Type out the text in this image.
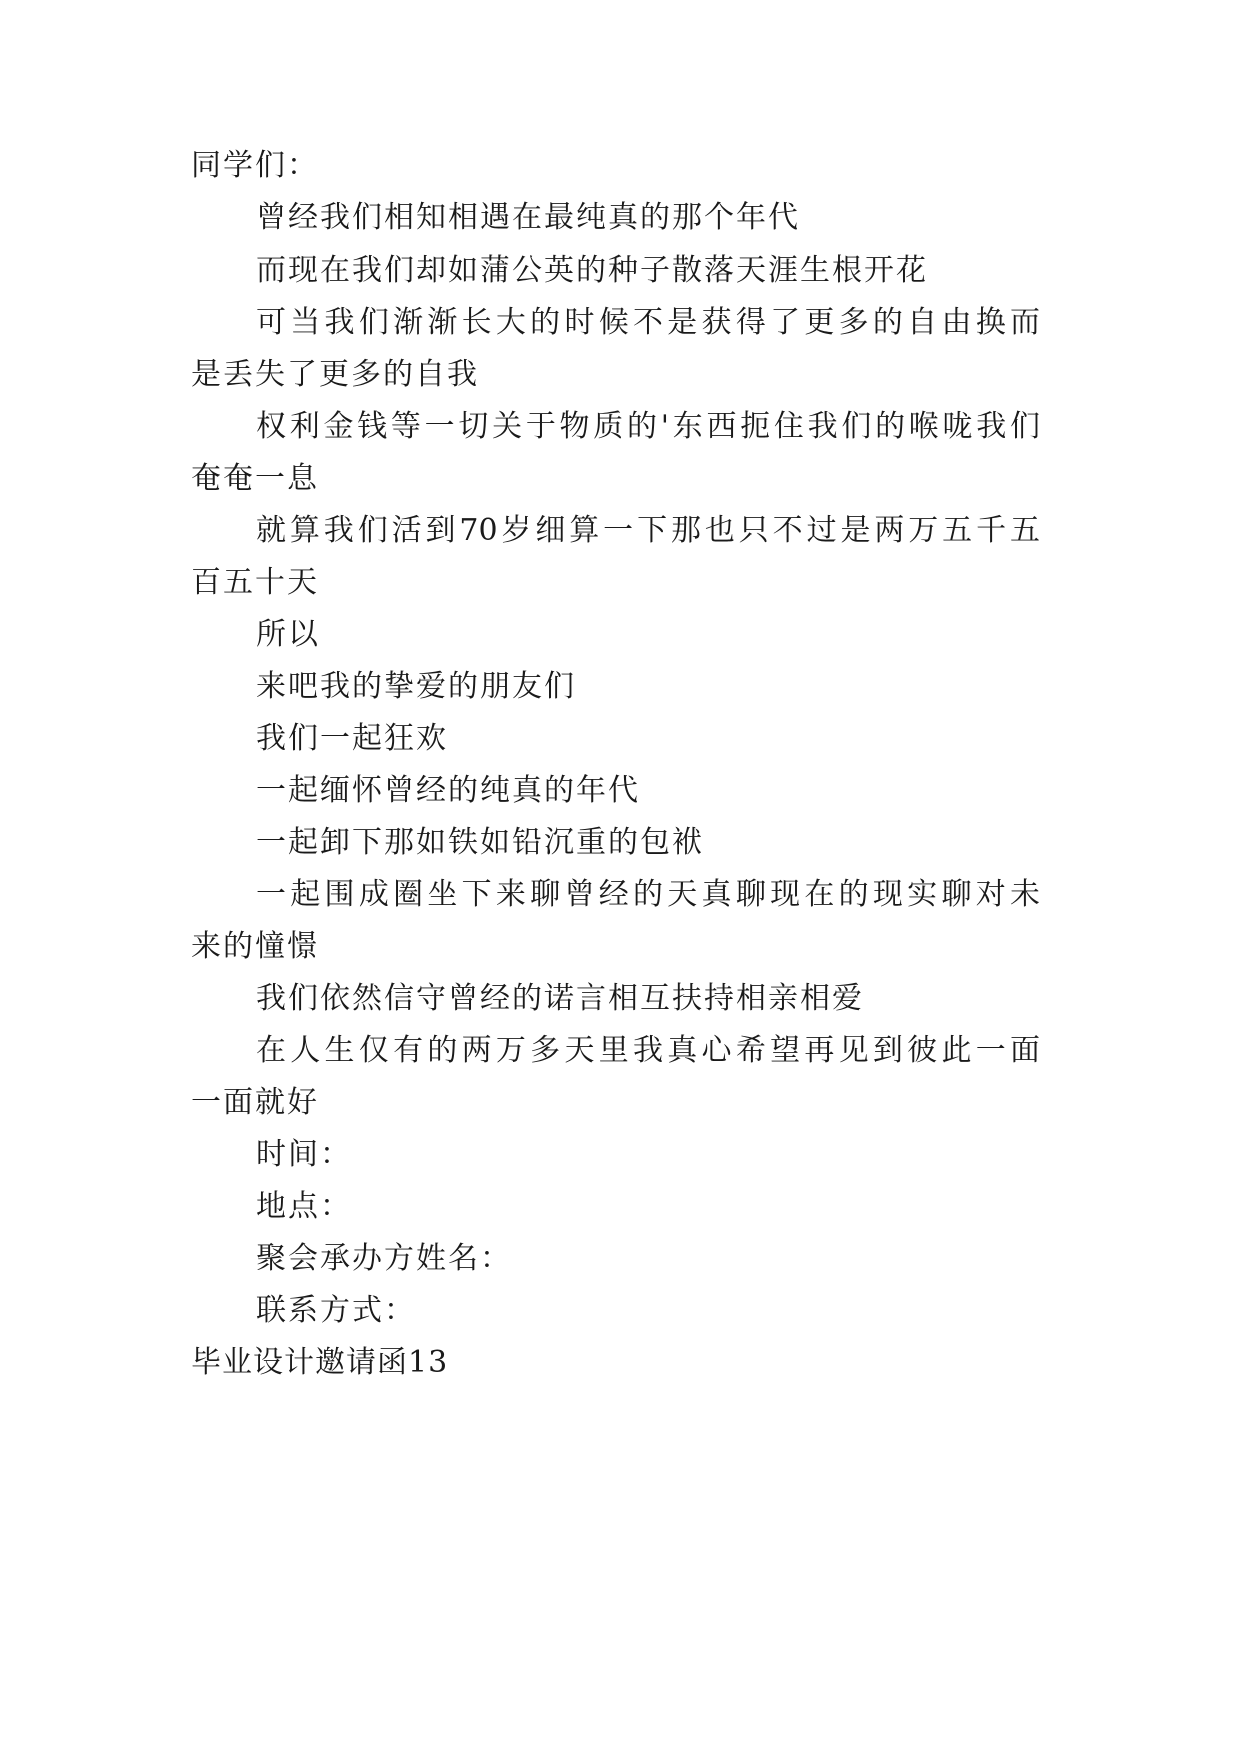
同学们：
曾经我们相知相遇在最纯真的那个年代
而现在我们却如蒲公英的种子散落天涯生根开花
可当我们渐渐长大的时候不是获得了更多的自由换而
是丢失了更多的自我
权利金钱等一切关于物质的'东西扼住我们的喉咙我们
奄奄一息
就算我们活到70岁细算一下那也只不过是两万五千五
百五十天
所以
来吧我的挚爱的朋友们
我们一起狂欢
一起缅怀曾经的纯真的年代
一起卸下那如铁如铅沉重的包袱
一起围成圈坐下来聊曾经的天真聊现在的现实聊对未
来的憧憬
我们依然信守曾经的诺言相互扶持相亲相爱
在人生仅有的两万多天里我真心希望再见到彼此一面
一面就好
时间：
地点：
聚会承办方姓名：
联系方式：
毕业设计邀请函13
